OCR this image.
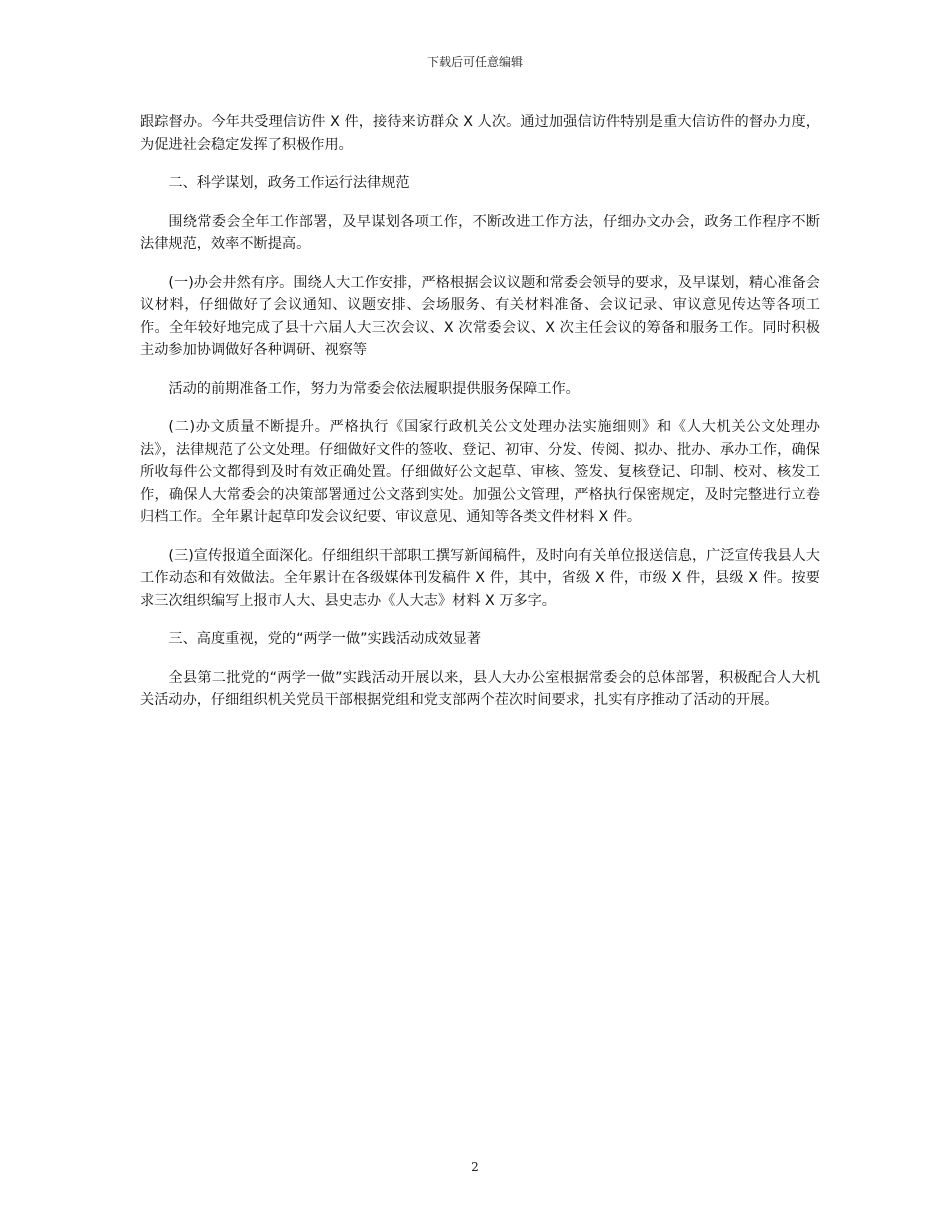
下载后可任意编辑

跟踪督办。今年共受理信访件 X 件，接待来访群众 X 人次。通过加强信访件特别是重大信访件的督办力度，为促进社会稳定发挥了积极作用。

二、科学谋划，政务工作运行法律规范

围绕常委会全年工作部署，及早谋划各项工作，不断改进工作方法，仔细办文办会，政务工作程序不断法律规范，效率不断提高。

(一)办会井然有序。围绕人大工作安排，严格根据会议议题和常委会领导的要求，及早谋划，精心准备会议材料，仔细做好了会议通知、议题安排、会场服务、有关材料准备、会议记录、审议意见传达等各项工作。全年较好地完成了县十六届人大三次会议、X 次常委会议、X 次主任会议的筹备和服务工作。同时积极主动参加协调做好各种调研、视察等

活动的前期准备工作，努力为常委会依法履职提供服务保障工作。

(二)办文质量不断提升。严格执行《国家行政机关公文处理办法实施细则》和《人大机关公文处理办法》，法律规范了公文处理。仔细做好文件的签收、登记、初审、分发、传阅、拟办、批办、承办工作，确保所收每件公文都得到及时有效正确处置。仔细做好公文起草、审核、签发、复核登记、印制、校对、核发工作，确保人大常委会的决策部署通过公文落到实处。加强公文管理，严格执行保密规定，及时完整进行立卷归档工作。全年累计起草印发会议纪要、审议意见、通知等各类文件材料 X 件。

(三)宣传报道全面深化。仔细组织干部职工撰写新闻稿件，及时向有关单位报送信息，广泛宣传我县人大工作动态和有效做法。全年累计在各级媒体刊发稿件 X 件，其中，省级 X 件，市级 X 件，县级 X 件。按要求三次组织编写上报市人大、县史志办《人大志》材料 X 万多字。

三、高度重视，党的“两学一做”实践活动成效显著

全县第二批党的“两学一做”实践活动开展以来，县人大办公室根据常委会的总体部署，积极配合人大机关活动办，仔细组织机关党员干部根据党组和党支部两个茬次时间要求，扎实有序推动了活动的开展。

2
